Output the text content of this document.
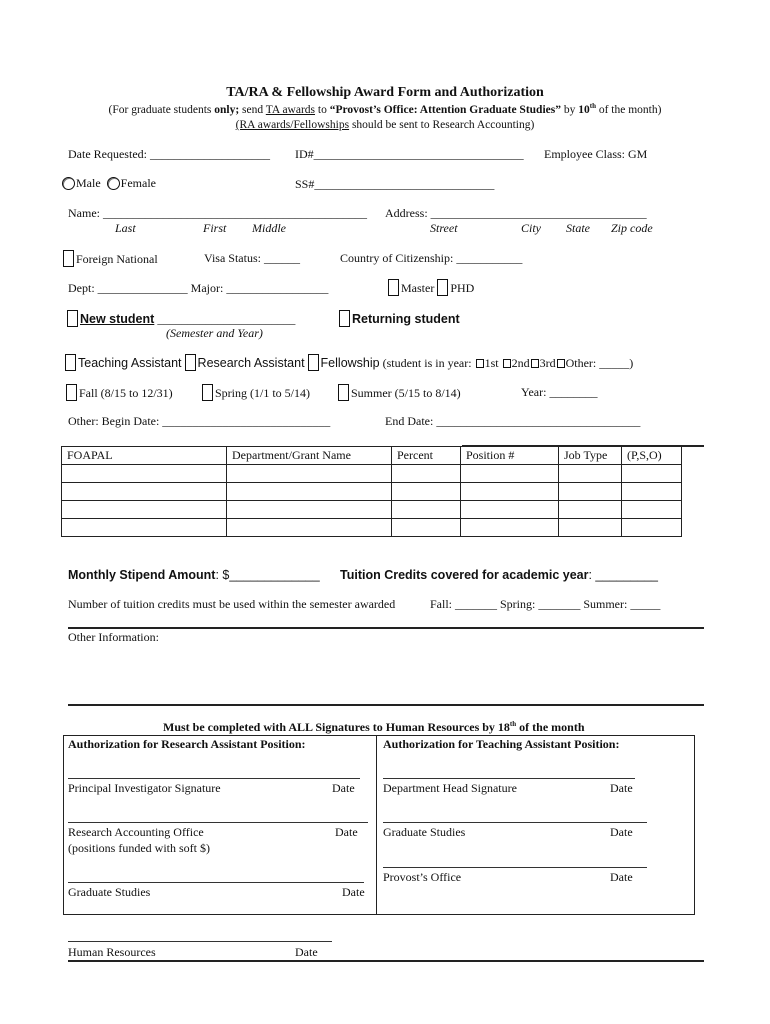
TA/RA & Fellowship Award Form and Authorization
(For graduate students only; send TA awards to “Provost’s Office: Attention Graduate Studies” by 10th of the month)
(RA awards/Fellowships should be sent to Research Accounting)
Date Requested: ____________________ ID#___________________________________ Employee Class: GM
Male Female	SS#______________________________
Name: ____________________________________________ Address: ____________________________________
Last	First Middle	Street	City State Zip code
Foreign National	Visa Status: ______	Country of Citizenship: ___________
Dept: _______________ Major: _________________	Master PHD
New student _______________________
(Semester and Year)
Returning student
Teaching Assistant Research Assistant Fellowship (student is in year: 1st 2nd 3rd Other: _____)
Fall (8/15 to 12/31)	Spring (1/1 to 5/14)	Summer (5/15 to 8/14)	Year: ________
Other: Begin Date: ____________________________	End Date: __________________________________
FOAPAL	Department/Grant Name	Percent	Position #	Job Type	(P,S,O)

Monthly Stipend Amount: $_____________ Tuition Credits covered for academic year: _________
Number of tuition credits must be used within the semester awarded	Fall: _______ Spring: _______ Summer: _____
Other Information:
Must be completed with ALL Signatures to Human Resources by 18th of the month
Authorization for Research Assistant Position:	Authorization for Teaching Assistant Position:
Principal Investigator Signature	Date
Research Accounting Office	Date
(positions funded with soft $)
Graduate Studies	Date
Department Head Signature	Date
Graduate Studies	Date
Provost’s Office	Date
Human Resources	Date
